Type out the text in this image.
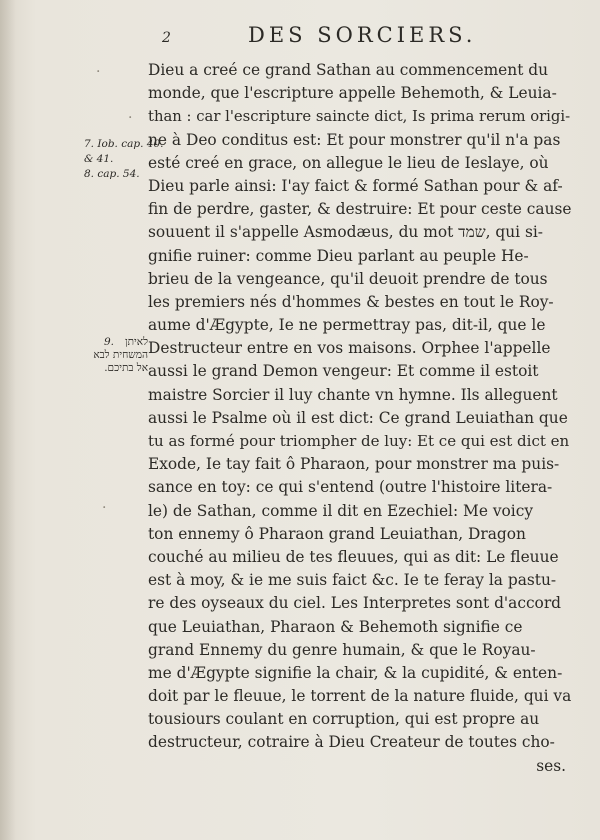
2	DES SORCIERS.
·
·
·
Dieu a creé ce grand Sathan au commencement du
monde, que l'escripture appelle Behemoth, & Leuia-
than : car l'escripture saincte dict, Is prima rerum origi-
ne à Deo conditus est: Et pour monstrer qu'il n'a pas
esté creé en grace, on allegue le lieu de Ieslaye, où
Dieu parle ainsi: I'ay faict & formé Sathan pour & af-
fin de perdre, gaster, & destruire: Et pour ceste cause
souuent il s'appelle Asmodæus, du mot שמד, qui si-
gnifie ruiner: comme Dieu parlant au peuple He-
brieu de la vengeance, qu'il deuoit prendre de tous
les premiers nés d'hommes & bestes en tout le Roy-
aume d'Ægypte, Ie ne permettray pas, dit-il, que le
Destructeur entre en vos maisons. Orphee l'appelle
aussi le grand Demon vengeur: Et comme il estoit
maistre Sorcier il luy chante vn hymne. Ils alleguent
aussi le Psalme où il est dict: Ce grand Leuiathan que
tu as formé pour triompher de luy: Et ce qui est dict en
Exode, Ie tay fait ô Pharaon, pour monstrer ma puis-
sance en toy: ce qui s'entend (outre l'histoire litera-
le) de Sathan, comme il dit en Ezechiel: Me voicy
ton ennemy ô Pharaon grand Leuiathan, Dragon
couché au milieu de tes fleuues, qui as dit: Le fleuue
est à moy, & ie me suis faict &c. Ie te feray la pastu-
re des oyseaux du ciel. Les Interpretes sont d'accord
que Leuiathan, Pharaon & Behemoth signifie ce
grand Ennemy du genre humain, & que le Royau-
me d'Ægypte signifie la chair, & la cupidité, & enten-
doit par le fleuue, le torrent de la nature fluide, qui va
tousiours coulant en corruption, qui est propre au
destructeur, cotraire à Dieu Createur de toutes cho-
ses.
7. Iob. cap. 40.
& 41.
8. cap. 54.
9.	לאיתן
המשחית לבא
אל בתיכם.
